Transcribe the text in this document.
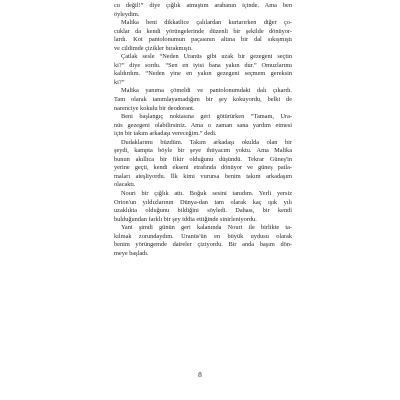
cu değil!” diye çığlık atmıştım arabanın içinde. Ama ben
öyleydim.
Malika beni dikkatlice çalılardan kurtarırken diğer ço-
cuklar da kendi yörüngelerinde düzenli bir şekilde dönüyor-
lardı. Kot pantolonumun paçasının altına bir dal sıkışmıştı
ve cildimde çizikler bırakmıştı.
Çatlak sesle “Neden Uranüs gibi uzak bir gezegeni seçtin
ki?” diye sordu. “Sen en iyisi bana yakın dur.” Omuzlarımı
kaldırdım. “Neden yine en yakın gezegeni seçmem gereksin
ki?”
Malika yanıma çömeldi ve pantolonumdaki dalı çıkardı.
Tam olarak tanımlayamadığım bir şey kokuyordu, belki de
narenciye kokulu bir deodorant.
Beni başlangıç noktasına geri götürürken “Tamam, Ura-
nüs gezegeni olabilirsiniz. Ama o zaman sana yardım etmesi
için bir takım arkadaşı vereceğim.” dedi.
Dudaklarımı büzdüm. Takım arkadaşı okulda olan bir
şeydi, kampta böyle bir şeye ihtiyacım yoktu. Ama Malika
bunun akıllıca bir fikir olduğunu düşündü. Tekrar Güneş'in
yerine geçti, kendi ekseni etrafında dönüyor ve güneş patla-
maları ateşliyordu. İlk kimi vurursa benim takım arkadaşım
olacaktı.
Nouri bir çığlık attı. Boğuk sesini tanıdım. Yerli yersiz
Orion'un yıldızlarının Dünya-dan tam olarak kaç ışık yılı
uzaklıkta olduğunu bildiğini söyledi. Dahası, bir kendi
bulduğundan farklı bir şey iddia ettiğinde sinirleniyordu.
Yani şimdi günün geri kalanında Nouri ile birlikte ta-
kılmak zorundaydım. Uranüs'ün en büyük uydusu olarak
benim yörüngemde daireler çiziyordu. Bir anda başım dön-
meye başladı.
8
